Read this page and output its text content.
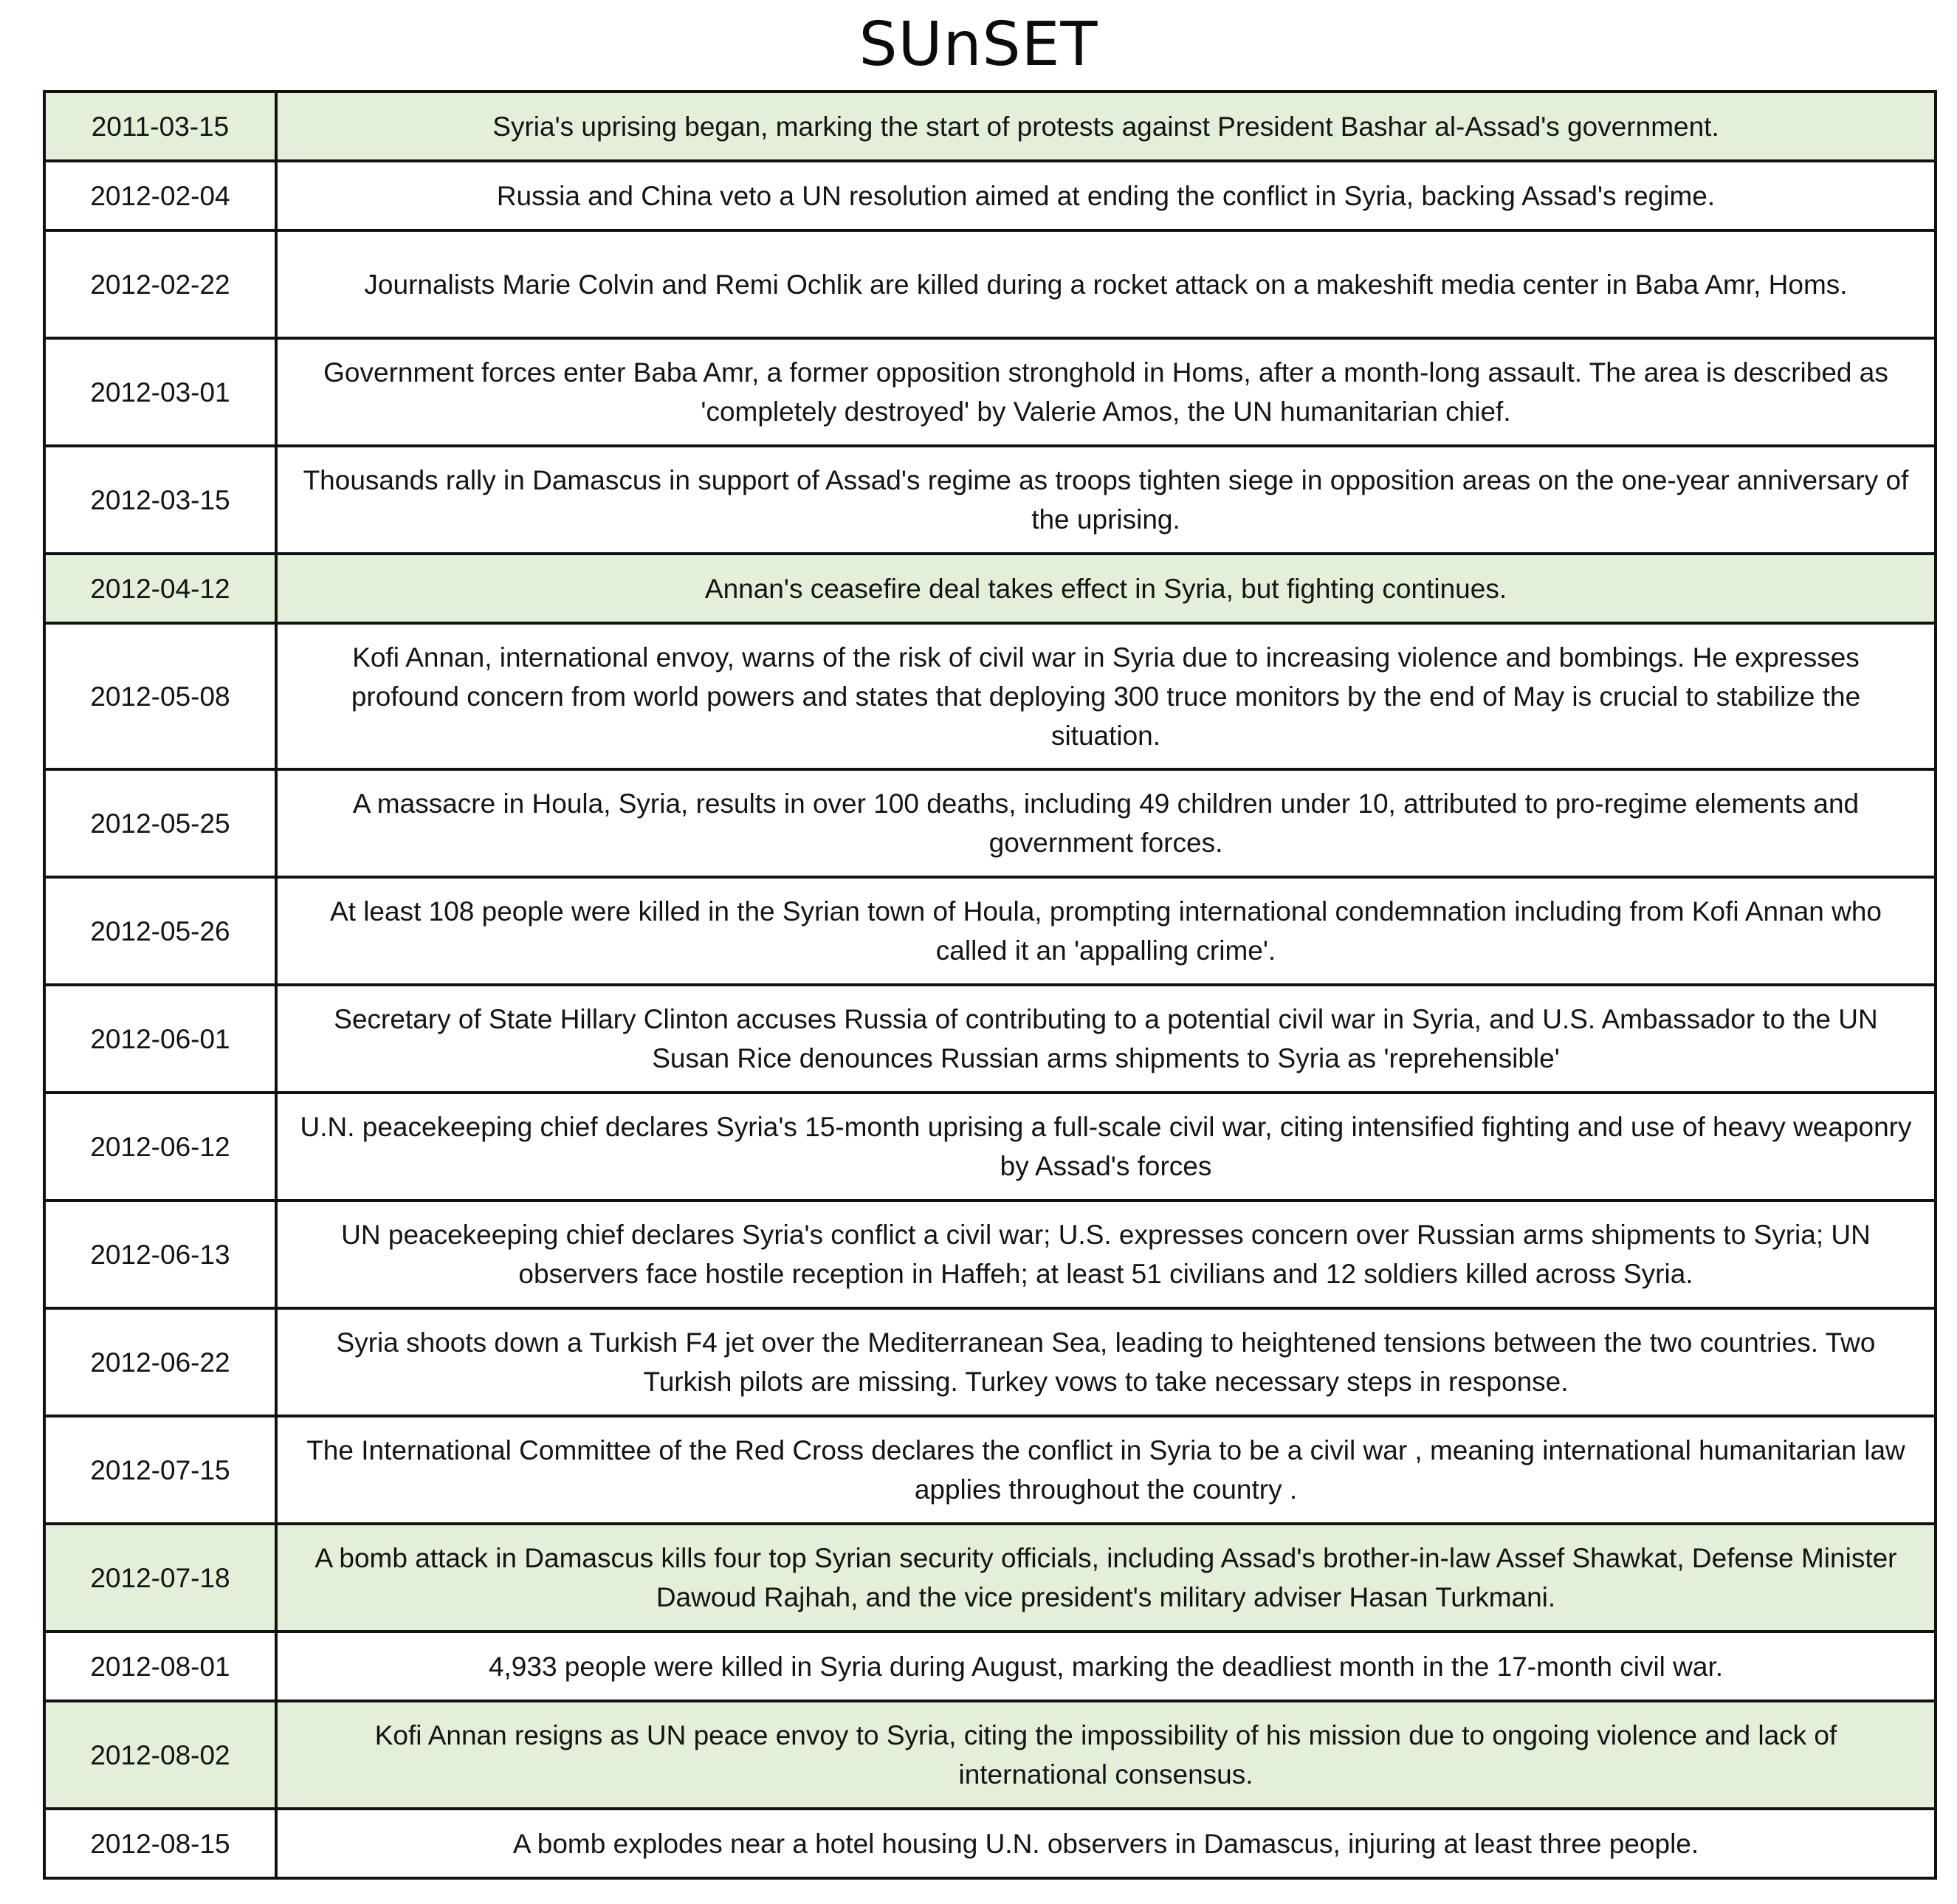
SUnSET
2011-03-15	Syria's uprising began, marking the start of protests against President Bashar al-Assad's government.
2012-02-04	Russia and China veto a UN resolution aimed at ending the conflict in Syria, backing Assad's regime.
2012-02-22	Journalists Marie Colvin and Remi Ochlik are killed during a rocket attack on a makeshift media center in Baba Amr, Homs.
2012-03-01	Government forces enter Baba Amr, a former opposition stronghold in Homs, after a month-long assault. The area is described as 'completely destroyed' by Valerie Amos, the UN humanitarian chief.
2012-03-15	Thousands rally in Damascus in support of Assad's regime as troops tighten siege in opposition areas on the one-year anniversary of the uprising.
2012-04-12	Annan's ceasefire deal takes effect in Syria, but fighting continues.
2012-05-08	Kofi Annan, international envoy, warns of the risk of civil war in Syria due to increasing violence and bombings. He expresses profound concern from world powers and states that deploying 300 truce monitors by the end of May is crucial to stabilize the situation.
2012-05-25	A massacre in Houla, Syria, results in over 100 deaths, including 49 children under 10, attributed to pro-regime elements and government forces.
2012-05-26	At least 108 people were killed in the Syrian town of Houla, prompting international condemnation including from Kofi Annan who called it an 'appalling crime'.
2012-06-01	Secretary of State Hillary Clinton accuses Russia of contributing to a potential civil war in Syria, and U.S. Ambassador to the UN Susan Rice denounces Russian arms shipments to Syria as 'reprehensible'
2012-06-12	U.N. peacekeeping chief declares Syria's 15-month uprising a full-scale civil war, citing intensified fighting and use of heavy weaponry by Assad's forces
2012-06-13	UN peacekeeping chief declares Syria's conflict a civil war; U.S. expresses concern over Russian arms shipments to Syria; UN observers face hostile reception in Haffeh; at least 51 civilians and 12 soldiers killed across Syria.
2012-06-22	Syria shoots down a Turkish F4 jet over the Mediterranean Sea, leading to heightened tensions between the two countries. Two Turkish pilots are missing. Turkey vows to take necessary steps in response.
2012-07-15	The International Committee of the Red Cross declares the conflict in Syria to be a civil war , meaning international humanitarian law applies throughout the country .
2012-07-18	A bomb attack in Damascus kills four top Syrian security officials, including Assad's brother-in-law Assef Shawkat, Defense Minister Dawoud Rajhah, and the vice president's military adviser Hasan Turkmani.
2012-08-01	4,933 people were killed in Syria during August, marking the deadliest month in the 17-month civil war.
2012-08-02	Kofi Annan resigns as UN peace envoy to Syria, citing the impossibility of his mission due to ongoing violence and lack of international consensus.
2012-08-15	A bomb explodes near a hotel housing U.N. observers in Damascus, injuring at least three people.
